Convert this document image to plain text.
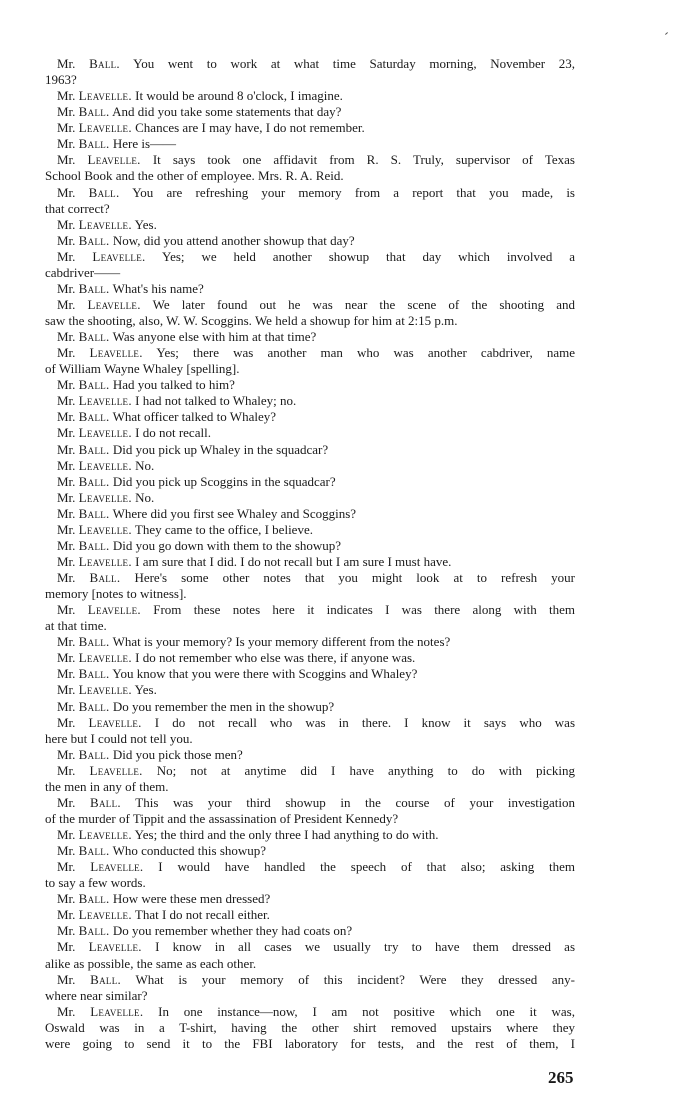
Mr. Ball. You went to work at what time Saturday morning, November 23,
1963?
Mr. Leavelle. It would be around 8 o'clock, I imagine.
Mr. Ball. And did you take some statements that day?
Mr. Leavelle. Chances are I may have, I do not remember.
Mr. Ball. Here is——
Mr. Leavelle. It says took one affidavit from R. S. Truly, supervisor of Texas
School Book and the other of employee. Mrs. R. A. Reid.
Mr. Ball. You are refreshing your memory from a report that you made, is
that correct?
Mr. Leavelle. Yes.
Mr. Ball. Now, did you attend another showup that day?
Mr. Leavelle. Yes; we held another showup that day which involved a
cabdriver——
Mr. Ball. What's his name?
Mr. Leavelle. We later found out he was near the scene of the shooting and
saw the shooting, also, W. W. Scoggins. We held a showup for him at 2:15 p.m.
Mr. Ball. Was anyone else with him at that time?
Mr. Leavelle. Yes; there was another man who was another cabdriver, name
of William Wayne Whaley [spelling].
Mr. Ball. Had you talked to him?
Mr. Leavelle. I had not talked to Whaley; no.
Mr. Ball. What officer talked to Whaley?
Mr. Leavelle. I do not recall.
Mr. Ball. Did you pick up Whaley in the squadcar?
Mr. Leavelle. No.
Mr. Ball. Did you pick up Scoggins in the squadcar?
Mr. Leavelle. No.
Mr. Ball. Where did you first see Whaley and Scoggins?
Mr. Leavelle. They came to the office, I believe.
Mr. Ball. Did you go down with them to the showup?
Mr. Leavelle. I am sure that I did. I do not recall but I am sure I must have.
Mr. Ball. Here's some other notes that you might look at to refresh your
memory [notes to witness].
Mr. Leavelle. From these notes here it indicates I was there along with them
at that time.
Mr. Ball. What is your memory? Is your memory different from the notes?
Mr. Leavelle. I do not remember who else was there, if anyone was.
Mr. Ball. You know that you were there with Scoggins and Whaley?
Mr. Leavelle. Yes.
Mr. Ball. Do you remember the men in the showup?
Mr. Leavelle. I do not recall who was in there. I know it says who was
here but I could not tell you.
Mr. Ball. Did you pick those men?
Mr. Leavelle. No; not at anytime did I have anything to do with picking
the men in any of them.
Mr. Ball. This was your third showup in the course of your investigation
of the murder of Tippit and the assassination of President Kennedy?
Mr. Leavelle. Yes; the third and the only three I had anything to do with.
Mr. Ball. Who conducted this showup?
Mr. Leavelle. I would have handled the speech of that also; asking them
to say a few words.
Mr. Ball. How were these men dressed?
Mr. Leavelle. That I do not recall either.
Mr. Ball. Do you remember whether they had coats on?
Mr. Leavelle. I know in all cases we usually try to have them dressed as
alike as possible, the same as each other.
Mr. Ball. What is your memory of this incident? Were they dressed any-
where near similar?
Mr. Leavelle. In one instance—now, I am not positive which one it was,
Oswald was in a T-shirt, having the other shirt removed upstairs where they
were going to send it to the FBI laboratory for tests, and the rest of them, I
265
